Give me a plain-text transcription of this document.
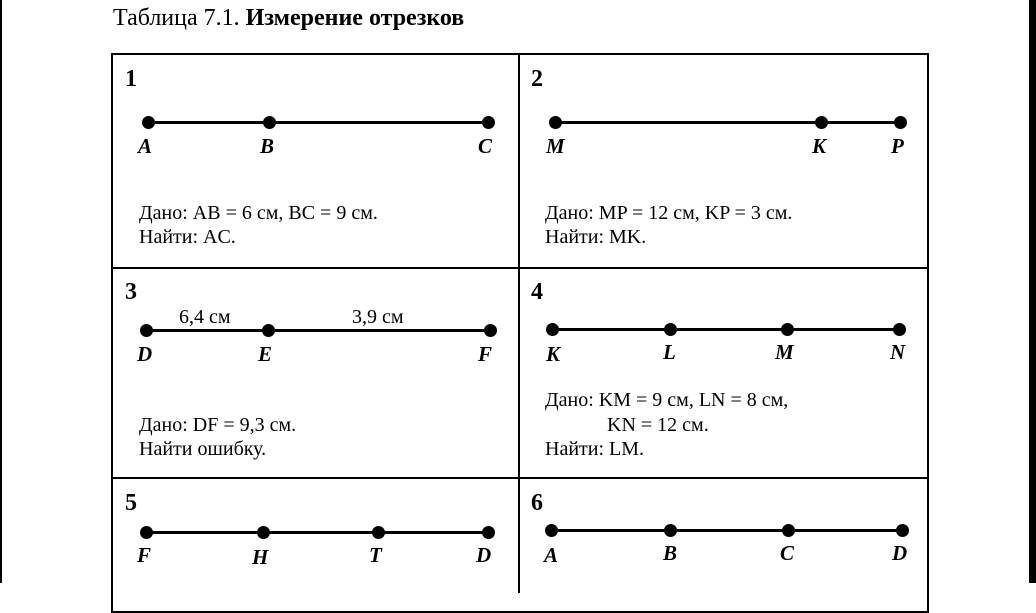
Таблица 7.1. Измерение отрезков
1
A	B	C
Дано: AB = 6 см, BC = 9 см.
Найти: AC.
2
M	K	P
Дано: MP = 12 см, KP = 3 см.
Найти: MK.
3
6,4 см	3,9 см
D	E	F
Дано: DF = 9,3 см.
Найти ошибку.
4
K	L	M	N
Дано: KM = 9 см, LN = 8 см,
KN = 12 см.
Найти: LM.
5
F	H	T	D
6
A	B	C	D
